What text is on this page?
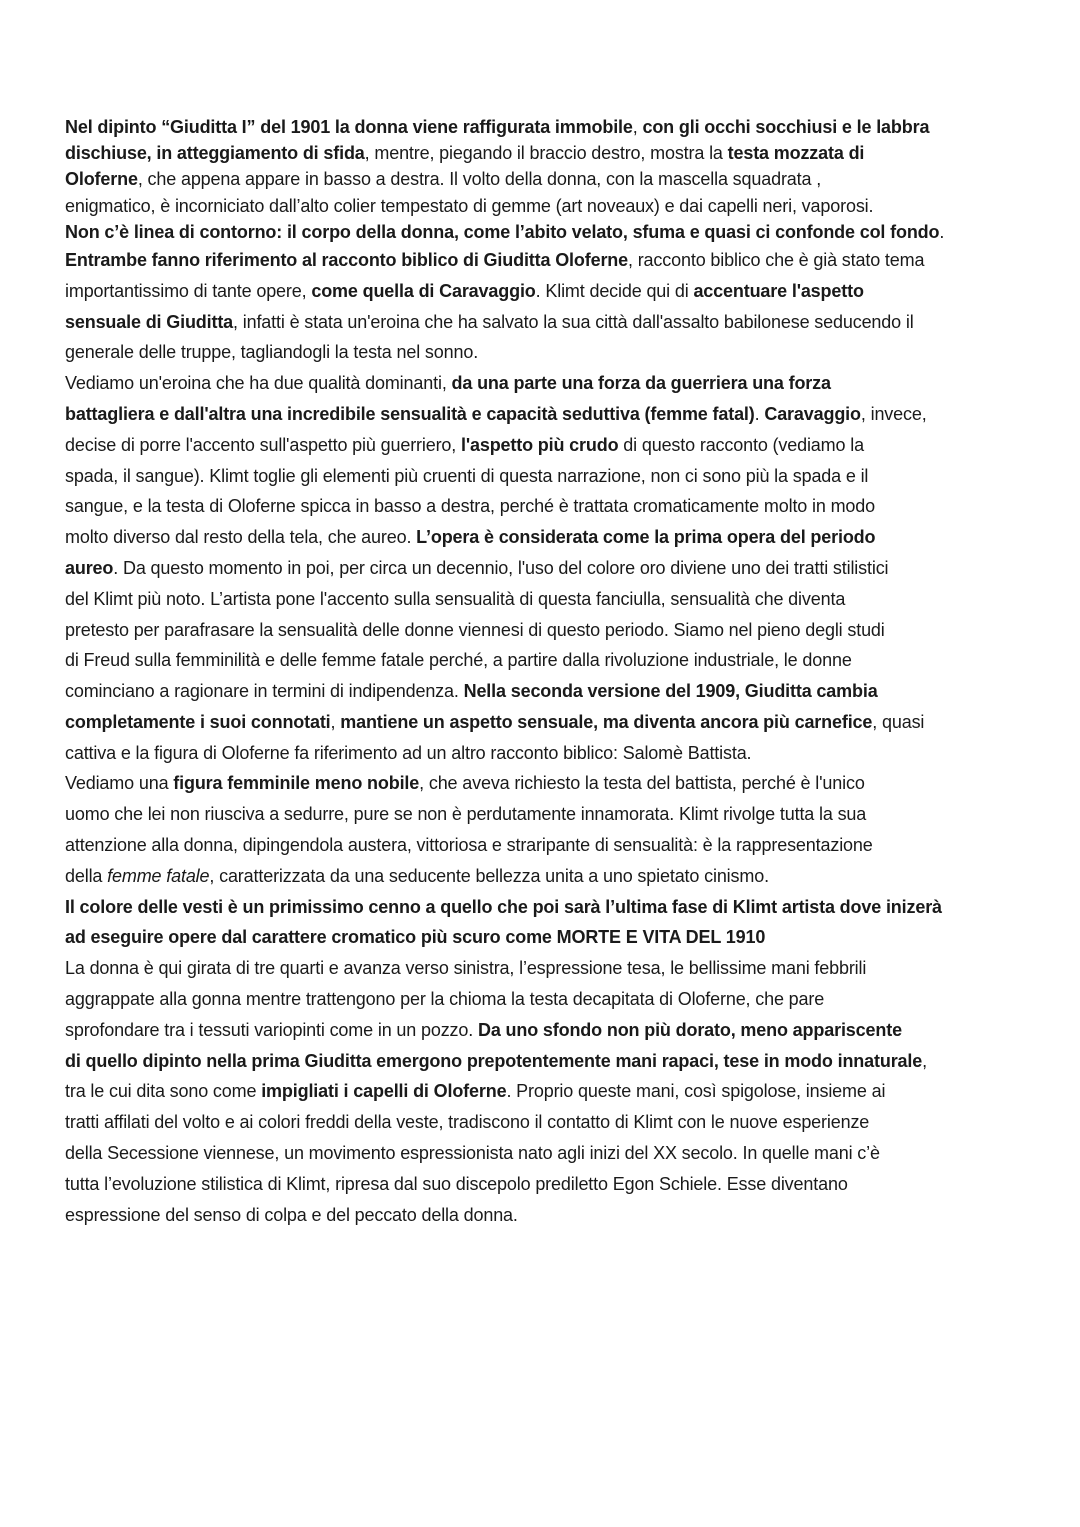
Nel dipinto “Giuditta I” del 1901 la donna viene raffigurata immobile, con gli occhi socchiusi e le labbra
dischiuse, in atteggiamento di sfida, mentre, piegando il braccio destro, mostra la testa mozzata di
Oloferne, che appena appare in basso a destra. Il volto della donna, con la mascella squadrata ,
enigmatico, è incorniciato dall’alto colier tempestato di gemme (art noveaux) e dai capelli neri, vaporosi.
Non c’è linea di contorno: il corpo della donna, come l’abito velato, sfuma e quasi ci confonde col fondo.
Entrambe fanno riferimento al racconto biblico di Giuditta Oloferne, racconto biblico che è già stato tema
importantissimo di tante opere, come quella di Caravaggio. Klimt decide qui di accentuare l'aspetto
sensuale di Giuditta, infatti è stata un'eroina che ha salvato la sua città dall'assalto babilonese seducendo il
generale delle truppe, tagliandogli la testa nel sonno.
Vediamo un'eroina che ha due qualità dominanti, da una parte una forza da guerriera una forza
battagliera e dall'altra una incredibile sensualità e capacità seduttiva (femme fatal). Caravaggio, invece,
decise di porre l'accento sull'aspetto più guerriero, l'aspetto più crudo di questo racconto (vediamo la
spada, il sangue). Klimt toglie gli elementi più cruenti di questa narrazione, non ci sono più la spada e il
sangue, e la testa di Oloferne spicca in basso a destra, perché è trattata cromaticamente molto in modo
molto diverso dal resto della tela, che aureo. L’opera è considerata come la prima opera del periodo
aureo. Da questo momento in poi, per circa un decennio, l'uso del colore oro diviene uno dei tratti stilistici
del Klimt più noto. L’artista pone l'accento sulla sensualità di questa fanciulla, sensualità che diventa
pretesto per parafrasare la sensualità delle donne viennesi di questo periodo. Siamo nel pieno degli studi
di Freud sulla femminilità e delle femme fatale perché, a partire dalla rivoluzione industriale, le donne
cominciano a ragionare in termini di indipendenza. Nella seconda versione del 1909, Giuditta cambia
completamente i suoi connotati, mantiene un aspetto sensuale, ma diventa ancora più carnefice, quasi
cattiva e la figura di Oloferne fa riferimento ad un altro racconto biblico: Salomè Battista.
Vediamo una figura femminile meno nobile, che aveva richiesto la testa del battista, perché è l'unico
uomo che lei non riusciva a sedurre, pure se non è perdutamente innamorata. Klimt rivolge tutta la sua
attenzione alla donna, dipingendola austera, vittoriosa e straripante di sensualità: è la rappresentazione
della femme fatale, caratterizzata da una seducente bellezza unita a uno spietato cinismo.
Il colore delle vesti è un primissimo cenno a quello che poi sarà l’ultima fase di Klimt artista dove inizerà
ad eseguire opere dal carattere cromatico più scuro come MORTE E VITA DEL 1910
La donna è qui girata di tre quarti e avanza verso sinistra, l’espressione tesa, le bellissime mani febbrili
aggrappate alla gonna mentre trattengono per la chioma la testa decapitata di Oloferne, che pare
sprofondare tra i tessuti variopinti come in un pozzo. Da uno sfondo non più dorato, meno appariscente
di quello dipinto nella prima Giuditta emergono prepotentemente mani rapaci, tese in modo innaturale,
tra le cui dita sono come impigliati i capelli di Oloferne. Proprio queste mani, così spigolose, insieme ai
tratti affilati del volto e ai colori freddi della veste, tradiscono il contatto di Klimt con le nuove esperienze
della Secessione viennese, un movimento espressionista nato agli inizi del XX secolo. In quelle mani c’è
tutta l’evoluzione stilistica di Klimt, ripresa dal suo discepolo prediletto Egon Schiele. Esse diventano
espressione del senso di colpa e del peccato della donna.
